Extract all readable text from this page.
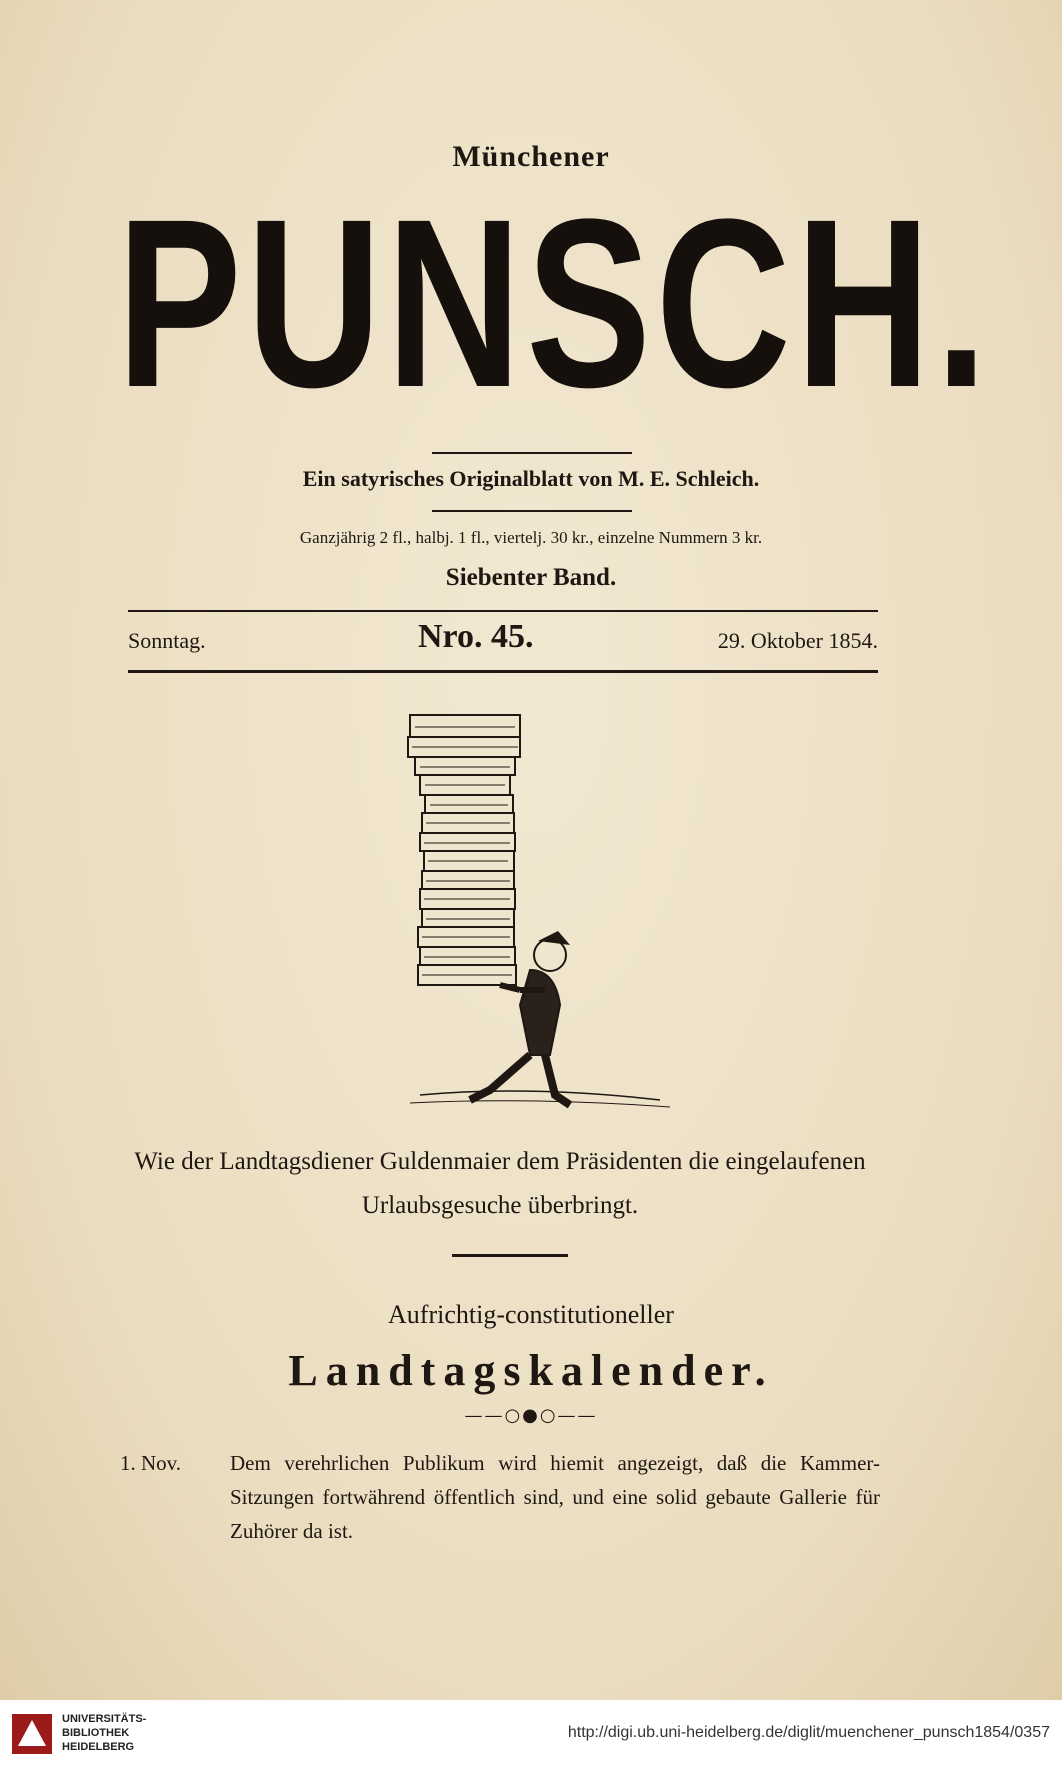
Münchener
PUNSCH.
Ein satyrisches Originalblatt von M. E. Schleich.
Ganzjährig 2 fl., halbj. 1 fl., viertelj. 30 kr., einzelne Nummern 3 kr.
Siebenter Band.
Sonntag.	Nro. 45.	29. Oktober 1854.
Wie der Landtagsdiener Guldenmaier dem Präsidenten die eingelaufenen Urlaubsgesuche überbringt.
Aufrichtig-constitutioneller
Landtagskalender.
——○●○——
1. Nov. Dem verehrlichen Publikum wird hiemit angezeigt, daß die Kammer-Sitzungen fortwährend öffentlich sind, und eine solid gebaute Gallerie für Zuhörer da ist.
UNIVERSITÄTS-
BIBLIOTHEK
HEIDELBERG
http://digi.ub.uni-heidelberg.de/diglit/muenchener_punsch1854/0357
